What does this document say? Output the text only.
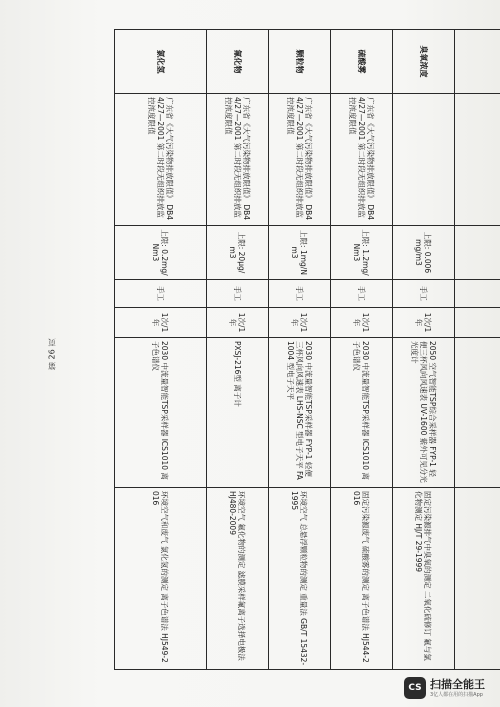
臭氧浓度		上限: 0.006mg/m3	手工	1次/1年	2050 空气智能TSP综合采样器 FYP-1 轻便三杯风向风速表 UV-1600 紫外可见分光光度计	固定污染源排气中臭氧的测定 二氧化硫修订 氟与氯化物测定 HJ/T 29-1999
硫酸雾	广东省《大气污染物排放限值》 DB44/27—2001 第二时段无组织排放监控浓度限值	上限: 1.2mg/Nm3	手工	1次/1年	2030 中流量智能TSP采样器 ICS1010 离子色谱仪	固定污染源废气 硫酸雾的测定 离子色谱法 HJ544-2016
颗粒物	广东省《大气污染物排放限值》 DB44/27—2001 第二时段无组织排放监控浓度限值	上限: 1mg/Nm3	手工	1次/1年	2030 中流量智能TSP采样器 FYP-1 轻便三杯风向风速表 LHS-NSC 型电子天平 FA1004 型电子天平	环境空气 总悬浮颗粒物的测定 重量法 GB/T 15432-1995
氟化物	广东省《大气污染物排放限值》 DB44/27—2001 第二时段无组织排放监控浓度限值	上限: 20μg/m3	手工	1次/1年	PXSJ-216型 离子计	环境空气 氟化物的测定 滤膜采样氟离子选择电极法 HJ480-2009
氯化氢	广东省《大气污染物排放限值》 DB44/27—2001 第二时段无组织排放监控浓度限值	上限: 0.2mg/Nm3	手工	1次/1年	2030 中流量智能TSP采样器 ICS1010 离子色谱仪	环境空气和废气 氯化氢的测定 离子色谱法 HJ549-2016
第 26 页
CS 扫描全能王
3亿人都在用的扫描App
